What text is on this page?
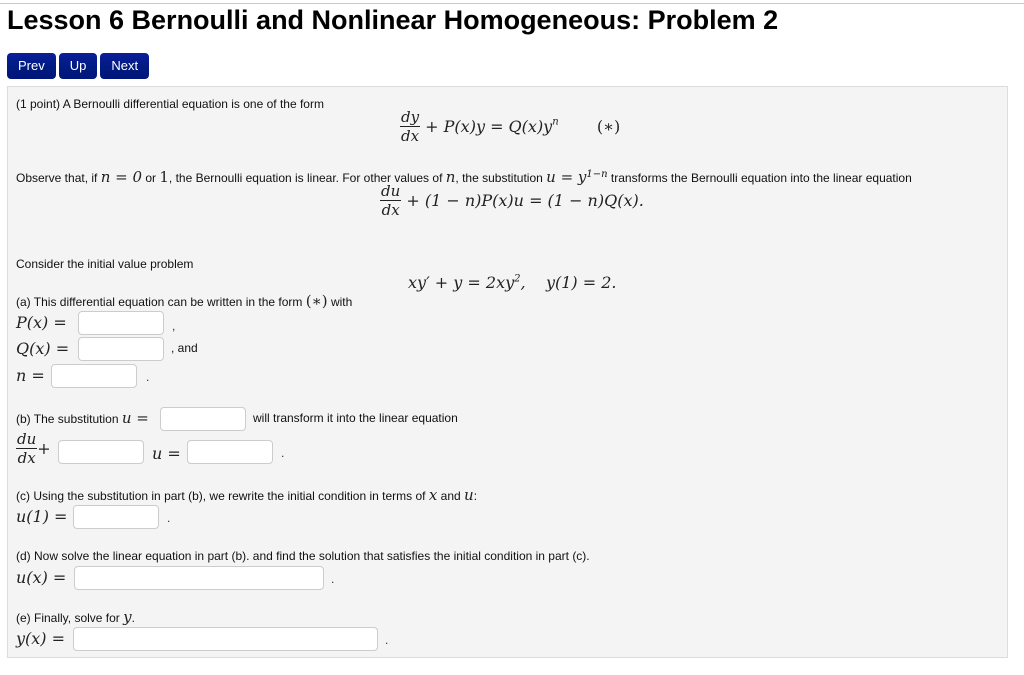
Lesson 6 Bernoulli and Nonlinear Homogeneous: Problem 2
Prev	Up	Next
(1 point) A Bernoulli differential equation is one of the form
$\frac{dy}{dx} + P(x)y = Q(x)y^n$ (∗)
Observe that, if n = 0 or 1, the Bernoulli equation is linear. For other values of n, the substitution $u = y^{1-n}$ transforms the Bernoulli equation into the linear equation
$\frac{du}{dx} + (1 - n)P(x)u = (1 - n)Q(x)$.
Consider the initial value problem
$xy' + y = 2xy^2$,    y(1) = 2.
(a) This differential equation can be written in the form (∗) with
P(x) =	,
Q(x) =	, and
n =	.
(b) The substitution u =	will transform it into the linear equation
$\frac{du}{dx}$ +	u =	.
(c) Using the substitution in part (b), we rewrite the initial condition in terms of x and u:
u(1) =	.
(d) Now solve the linear equation in part (b). and find the solution that satisfies the initial condition in part (c).
u(x) =	.
(e) Finally, solve for y.
y(x) =	.
